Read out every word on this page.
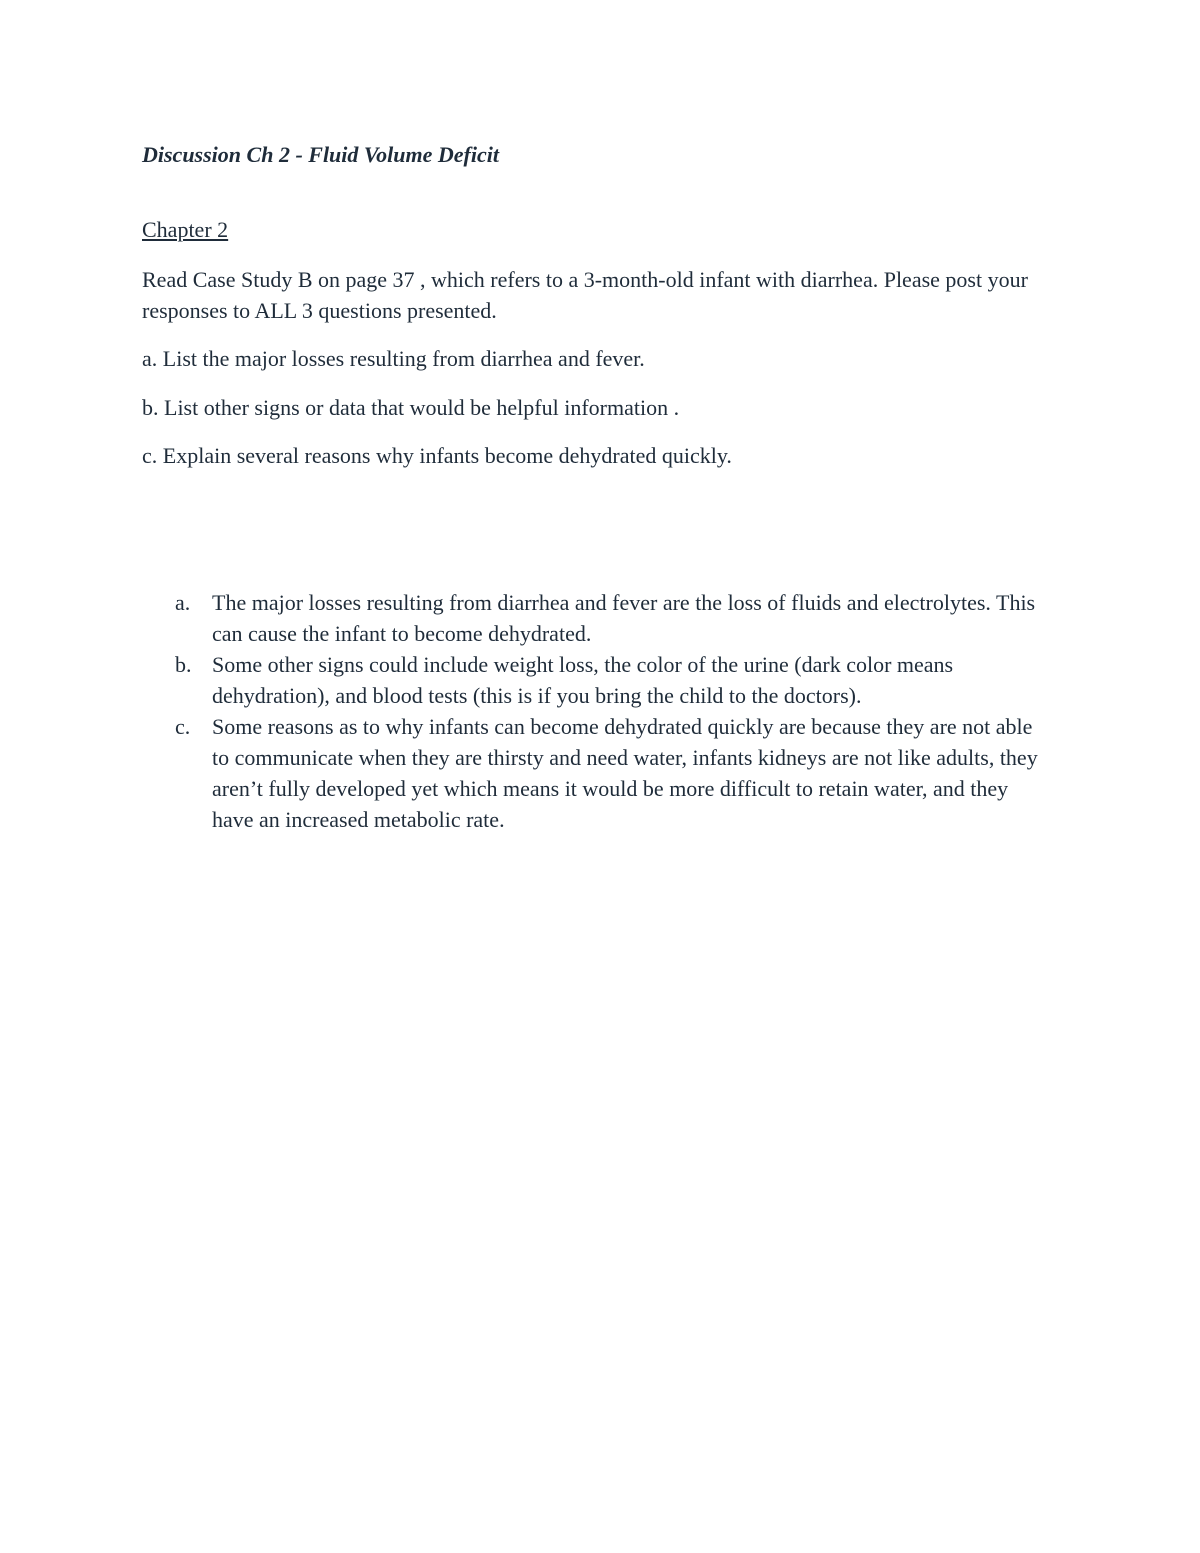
Discussion Ch 2 - Fluid Volume Deficit

Chapter 2

Read Case Study B on page 37 , which refers to a 3-month-old infant with diarrhea. Please post your responses to ALL 3 questions presented.

a. List the major losses resulting from diarrhea and fever.

b. List other signs or data that would be helpful information .

c. Explain several reasons why infants become dehydrated quickly.

a. The major losses resulting from diarrhea and fever are the loss of fluids and electrolytes. This can cause the infant to become dehydrated.
b. Some other signs could include weight loss, the color of the urine (dark color means dehydration), and blood tests (this is if you bring the child to the doctors).
c. Some reasons as to why infants can become dehydrated quickly are because they are not able to communicate when they are thirsty and need water, infants kidneys are not like adults, they aren’t fully developed yet which means it would be more difficult to retain water, and they have an increased metabolic rate.
